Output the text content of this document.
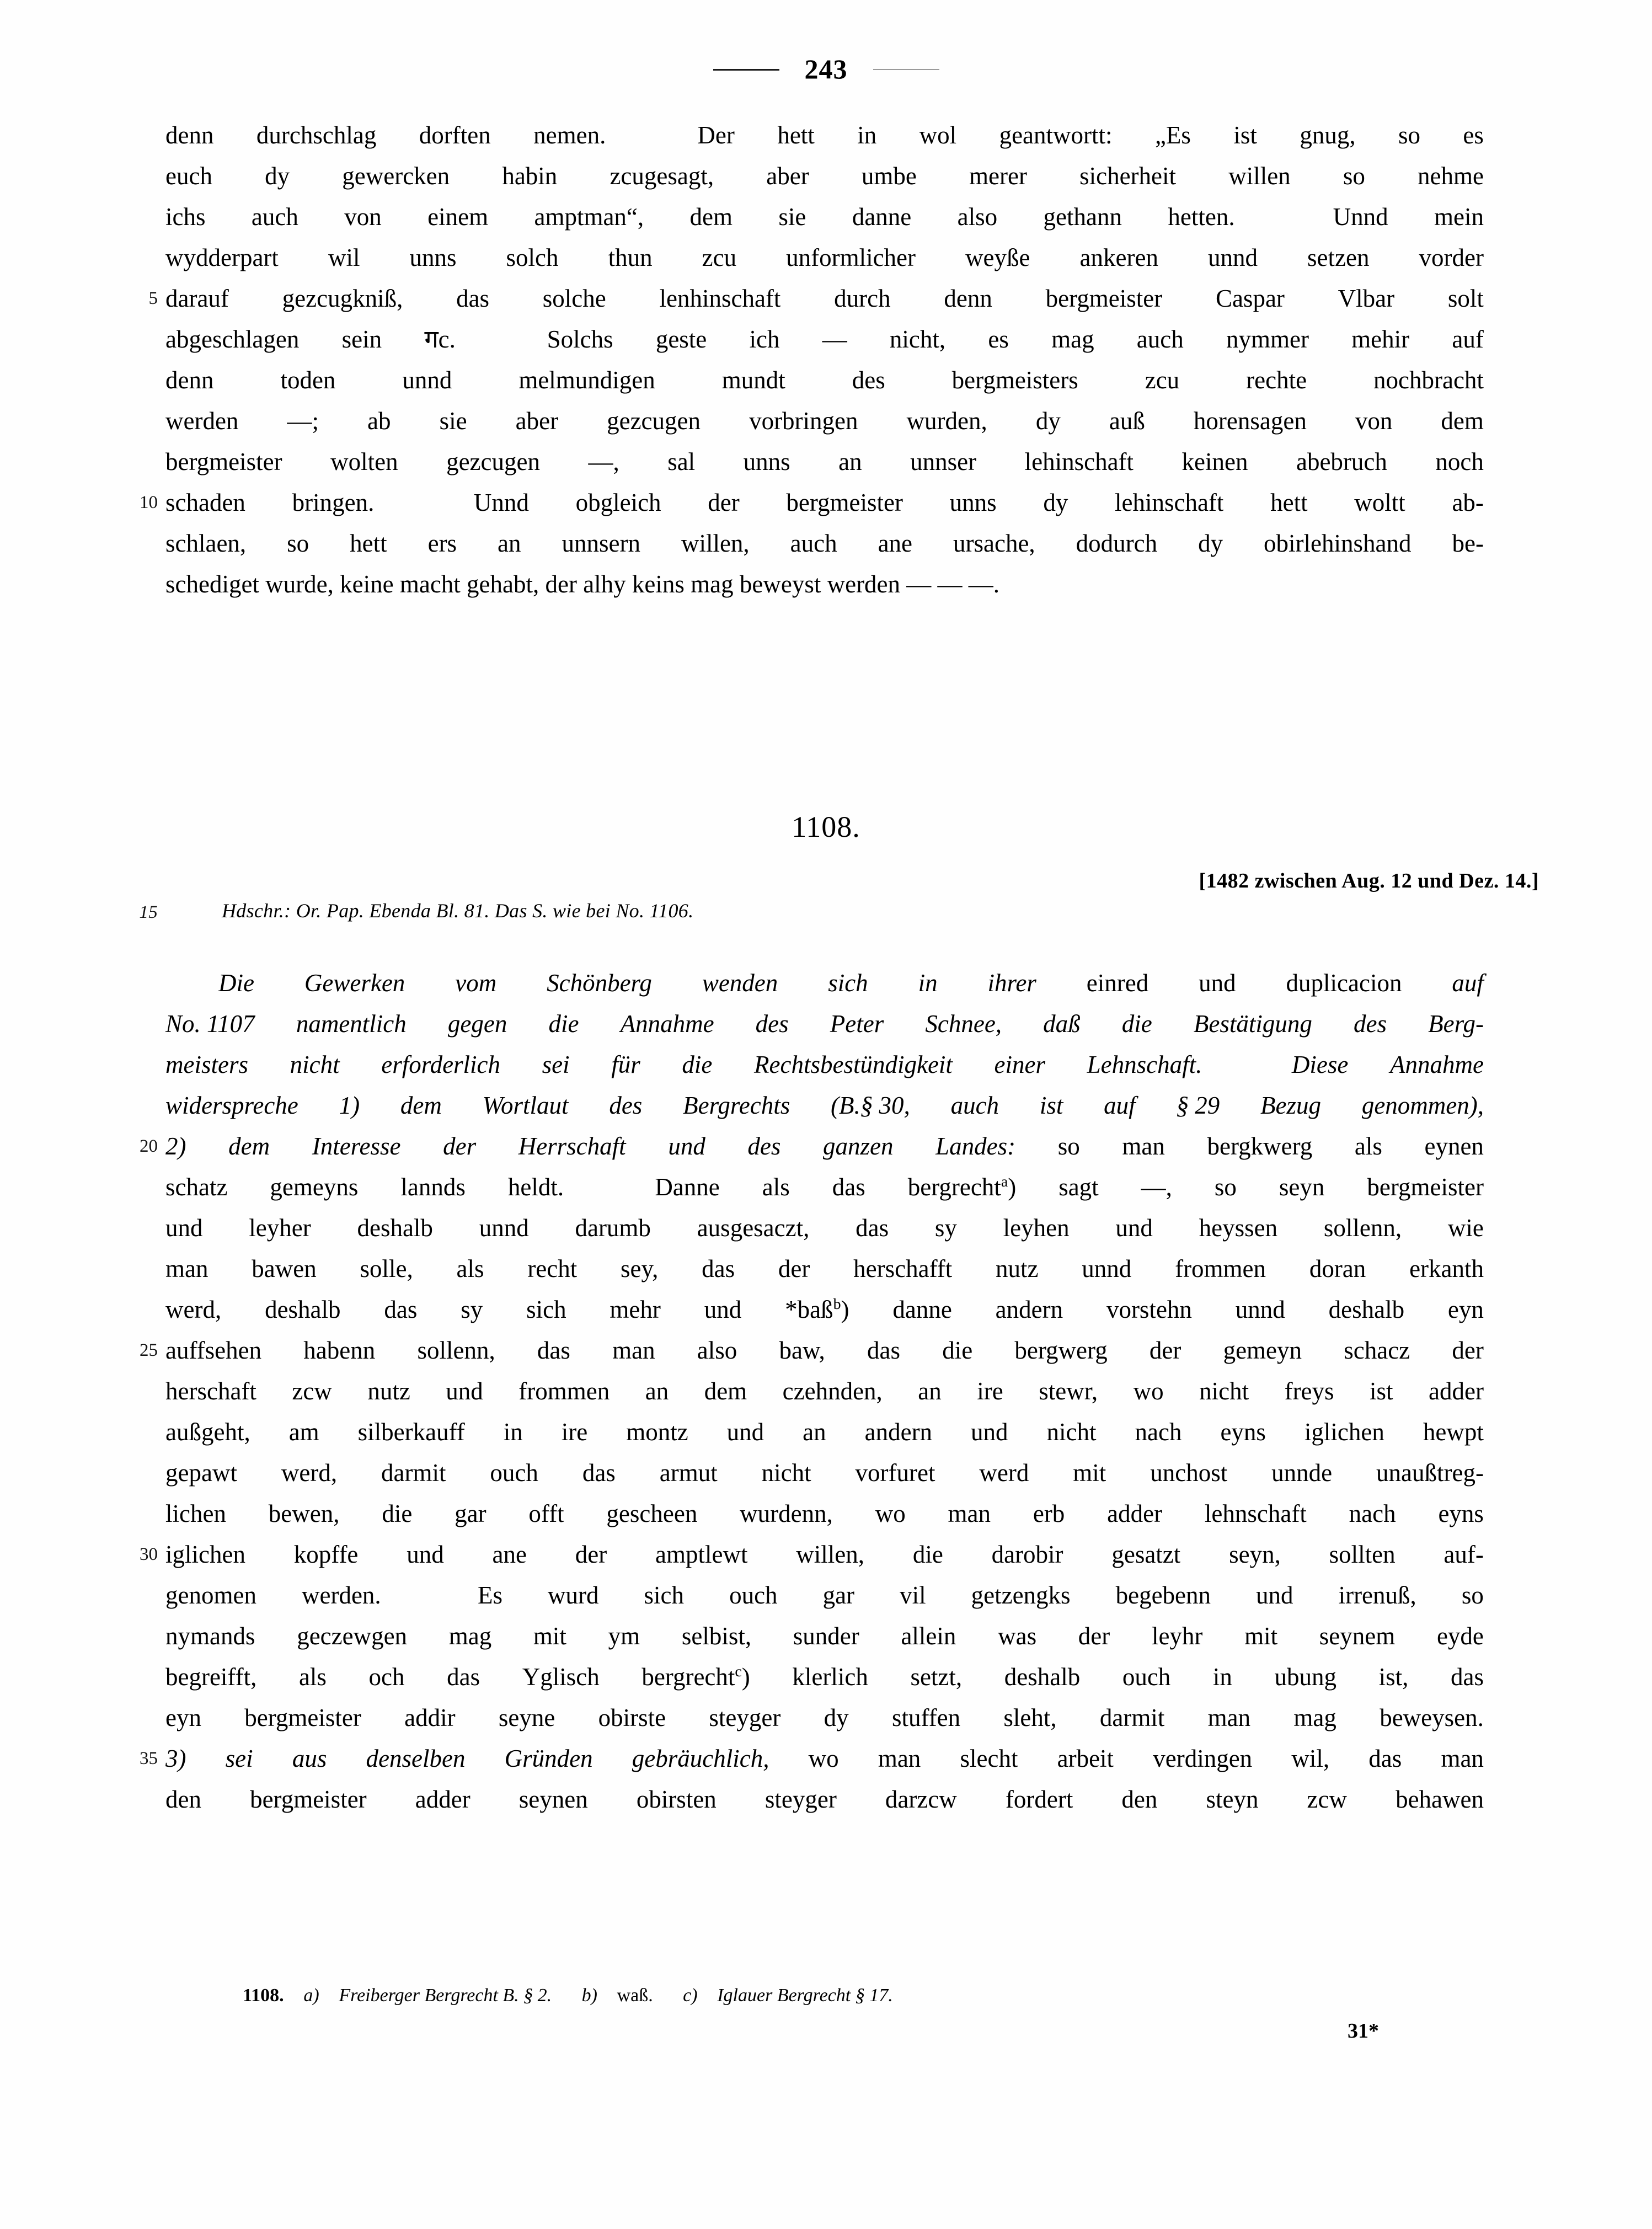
243
denn durchschlag dorften nemen.
	Der hett in wol geantwortt: „Es ist gnug, so es
euch dy gewercken habin zcugesagt, aber umbe merer sicherheit willen so nehme
ichs auch von einem amptman“, dem sie danne also gethann hetten.
	Unnd mein
wydderpart wil unns solch thun zcu unformlicher weyße ankeren unnd setzen vorder
5 darauf gezcugkniß, das solche lenhinschaft durch denn bergmeister Caspar Vlbar solt
abgeschlagen sein गc.
	Solchs geste ich — nicht, es mag auch nymmer mehir auf
denn	toden	unnd	melmundigen	mundt	des	bergmeisters	zcu	rechte	nochbracht
werden —; ab sie aber gezcugen vorbringen wurden, dy auß horensagen von dem
bergmeister wolten gezcugen —, sal unns an unnser lehinschaft keinen abebruch noch
10 schaden bringen.
	Unnd obgleich der bergmeister unns dy lehinschaft hett woltt ab-
schlaen, so hett ers an unnsern willen, auch ane ursache, dodurch dy obirlehinshand be-
schediget wurde, keine macht gehabt, der alhy keins mag beweyst werden — — —.
1108.
[1482 zwischen Aug. 12 und Dez. 14.]
15	Hdschr.: Or. Pap. Ebenda Bl. 81. Das S. wie bei No. 1106.
Die Gewerken vom Schönberg wenden sich in ihrer einred und duplicacion auf
No. 1107 namentlich gegen die Annahme des Peter Schnee, daß die Bestätigung des Berg-
meisters nicht erforderlich sei für die Rechtsbestündigkeit einer Lehnschaft.
	Diese Annahme
widerspreche 1) dem Wortlaut des Bergrechts (B.§ 30, auch ist auf § 29 Bezug genommen),
20 2) dem Interesse der Herrschaft und des ganzen Landes: so man bergkwerg als eynen
schatz gemeyns lannds heldt.
	Danne als das bergrecht$^a$) sagt —, so seyn bergmeister
und leyher deshalb unnd darumb ausgesaczt, das sy leyhen und heyssen sollenn, wie
man bawen solle, als recht sey, das der herschafft nutz unnd frommen doran erkanth
werd, deshalb das sy sich mehr und *baß$^b$) danne andern vorstehn unnd deshalb eyn
25 auffsehen habenn sollenn, das man also baw, das die bergwerg der gemeyn schacz der
herschaft zcw nutz und frommen an dem czehnden, an ire stewr, wo nicht freys ist adder
außgeht, am silberkauff in ire montz und an andern und nicht nach eyns iglichen hewpt
gepawt werd, darmit ouch das armut nicht vorfuret werd mit unchost unnde unaußtreg-
lichen bewen, die gar offt gescheen wurdenn, wo man erb adder lehnschaft nach eyns
30 iglichen kopffe und ane der amptlewt willen, die darobir gesatzt seyn, sollten auf-
genomen werden.
	Es wurd sich ouch gar vil getzengks begebenn und irrenuß, so
nymands geczewgen mag mit ym selbist, sunder allein was der leyhr mit seynem eyde
begreifft, als och das Yglisch bergrecht$^c$) klerlich setzt, deshalb ouch in ubung ist, das
eyn bergmeister addir seyne obirste steyger dy stuffen sleht, darmit man mag beweysen.
35 3) sei aus denselben Gründen gebräuchlich, wo man slecht arbeit verdingen wil, das man
den bergmeister adder seynen obirsten steyger darzcw fordert den steyn zcw behawen
1108. a) Freiberger Bergrecht B. § 2. b) waß. c) Iglauer Bergrecht § 17.
31*
